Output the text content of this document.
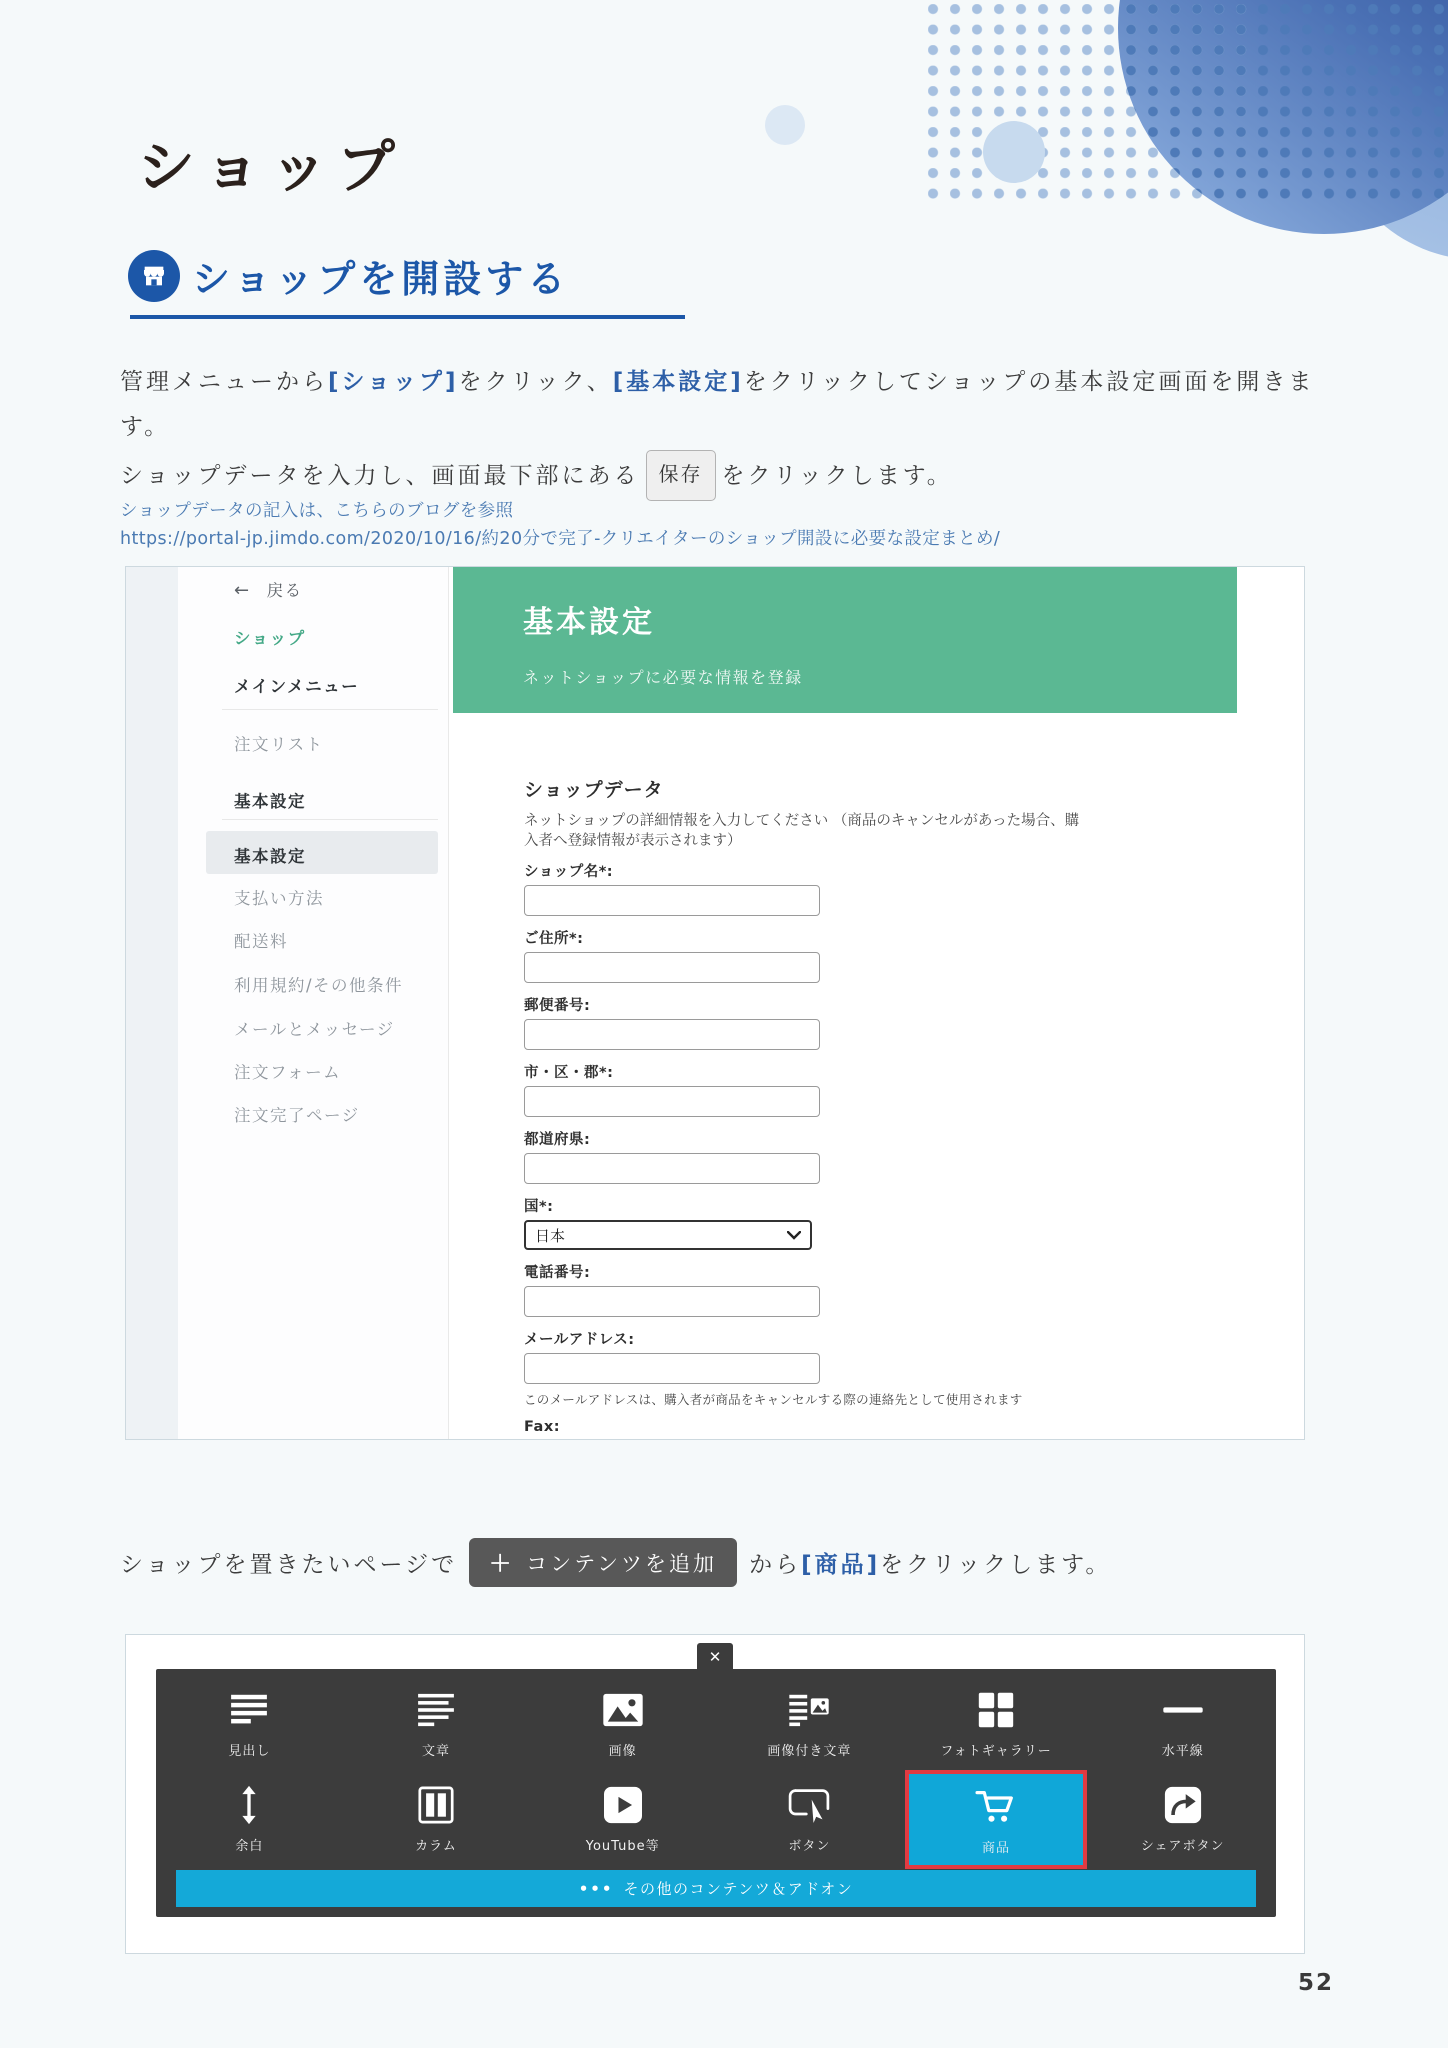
ショップ
ショップを開設する
管理メニューから[ショップ]をクリック、[基本設定]をクリックしてショップの基本設定画面を開きます。
ショップデータを入力し、画面最下部にある 保存 をクリックします。
ショップデータの記入は、こちらのブログを参照
https://portal-jp.jimdo.com/2020/10/16/約20分で完了-クリエイターのショップ開設に必要な設定まとめ/
← 戻る
ショップ
メインメニュー
注文リスト
基本設定
基本設定
支払い方法
配送料
利用規約/その他条件
メールとメッセージ
注文フォーム
注文完了ページ
基本設定
ネットショップに必要な情報を登録
ショップデータ
ネットショップの詳細情報を入力してください （商品のキャンセルがあった場合、購入者へ登録情報が表示されます）
ショップ名*:
ご住所*:
郵便番号:
市・区・郡*:
都道府県:
国*:
日本
電話番号:
メールアドレス:
このメールアドレスは、購入者が商品をキャンセルする際の連絡先として使用されます
Fax:
ショップを置きたいページで ＋ コンテンツを追加 から [商品] をクリックします。
✕
見出し	文章	画像	画像付き文章	フォトギャラリー	水平線
余白	カラム	YouTube等	ボタン	商品	シェアボタン
••• その他のコンテンツ＆アドオン
52
